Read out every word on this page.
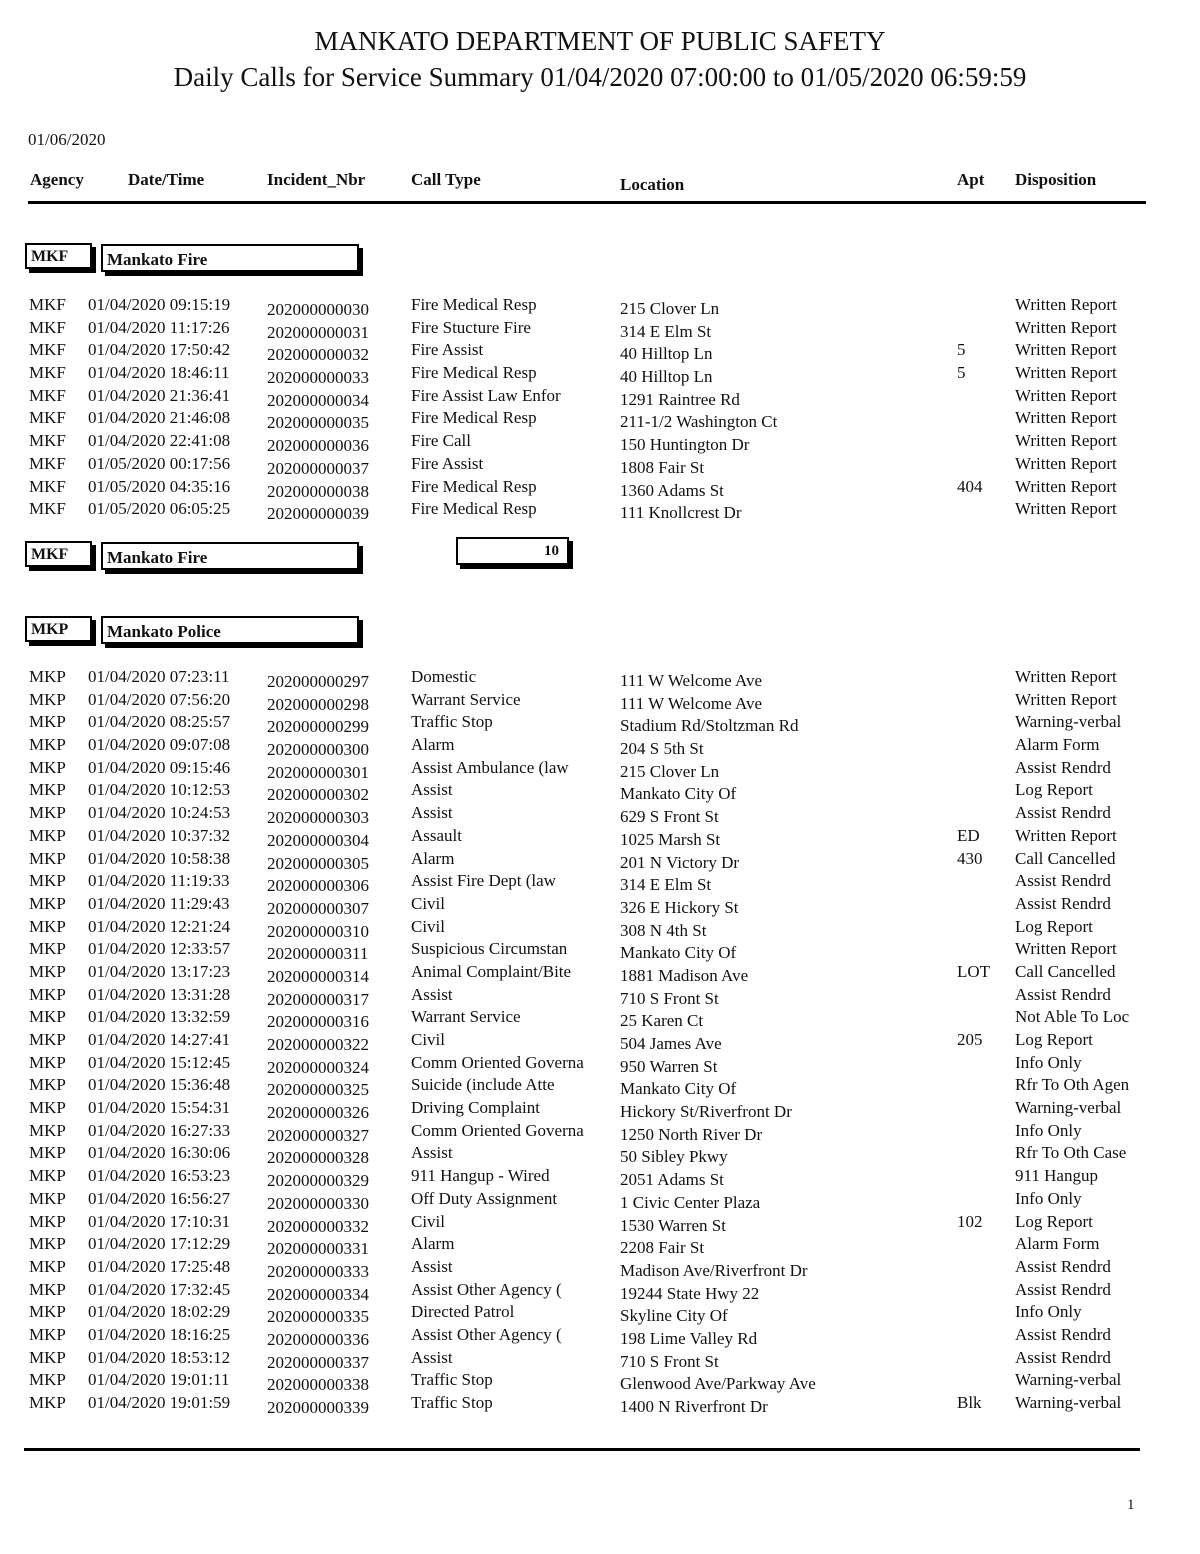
MANKATO DEPARTMENT OF PUBLIC SAFETY
Daily Calls for Service Summary 01/04/2020 07:00:00 to 01/05/2020 06:59:59
01/06/2020
Agency	Date/Time	Incident_Nbr	Call Type	Location	Apt Disposition
MKF	Mankato Fire
MKF 01/04/2020 09:15:19 202000000030 Fire Medical Resp	215 Clover Ln	Written Report
MKF 01/04/2020 11:17:26 202000000031 Fire Stucture Fire	314 E Elm St	Written Report
MKF 01/04/2020 17:50:42 202000000032 Fire Assist	40 Hilltop Ln	5	Written Report
MKF 01/04/2020 18:46:11 202000000033 Fire Medical Resp	40 Hilltop Ln	5	Written Report
MKF 01/04/2020 21:36:41 202000000034 Fire Assist Law Enfor	1291 Raintree Rd	Written Report
MKF 01/04/2020 21:46:08 202000000035 Fire Medical Resp	211-1/2 Washington Ct	Written Report
MKF 01/04/2020 22:41:08 202000000036 Fire Call	150 Huntington Dr	Written Report
MKF 01/05/2020 00:17:56 202000000037 Fire Assist	1808 Fair St	Written Report
MKF 01/05/2020 04:35:16 202000000038 Fire Medical Resp	1360 Adams St	404 Written Report
MKF 01/05/2020 06:05:25 202000000039 Fire Medical Resp	111 Knollcrest Dr	Written Report
MKF	Mankato Fire	10
MKP	Mankato Police
MKP 01/04/2020 07:23:11 202000000297 Domestic	111 W Welcome Ave	Written Report
MKP 01/04/2020 07:56:20 202000000298 Warrant Service	111 W Welcome Ave	Written Report
MKP 01/04/2020 08:25:57 202000000299 Traffic Stop	Stadium Rd/Stoltzman Rd	Warning-verbal
MKP 01/04/2020 09:07:08 202000000300 Alarm	204 S 5th St	Alarm Form
MKP 01/04/2020 09:15:46 202000000301 Assist Ambulance (law	215 Clover Ln	Assist Rendrd
MKP 01/04/2020 10:12:53 202000000302 Assist	Mankato City Of	Log Report
MKP 01/04/2020 10:24:53 202000000303 Assist	629 S Front St	Assist Rendrd
MKP 01/04/2020 10:37:32 202000000304 Assault	1025 Marsh St	ED Written Report
MKP 01/04/2020 10:58:38 202000000305 Alarm	201 N Victory Dr	430 Call Cancelled
MKP 01/04/2020 11:19:33 202000000306 Assist Fire Dept (law	314 E Elm St	Assist Rendrd
MKP 01/04/2020 11:29:43 202000000307 Civil	326 E Hickory St	Assist Rendrd
MKP 01/04/2020 12:21:24 202000000310 Civil	308 N 4th St	Log Report
MKP 01/04/2020 12:33:57 202000000311	Suspicious Circumstan	Mankato City Of	Written Report
MKP 01/04/2020 13:17:23 202000000314 Animal Complaint/Bite	1881 Madison Ave	LOT Call Cancelled
MKP 01/04/2020 13:31:28 202000000317 Assist	710 S Front St	Assist Rendrd
MKP 01/04/2020 13:32:59 202000000316 Warrant Service	25 Karen Ct	Not Able To Loc
MKP 01/04/2020 14:27:41 202000000322 Civil	504 James Ave	205 Log Report
MKP 01/04/2020 15:12:45 202000000324 Comm Oriented Governa 950 Warren St	Info Only
MKP 01/04/2020 15:36:48 202000000325 Suicide (include Atte	Mankato City Of	Rfr To Oth Agen
MKP 01/04/2020 15:54:31 202000000326 Driving Complaint	Hickory St/Riverfront Dr	Warning-verbal
MKP 01/04/2020 16:27:33 202000000327 Comm Oriented Governa 1250 North River Dr	Info Only
MKP 01/04/2020 16:30:06 202000000328 Assist	50 Sibley Pkwy	Rfr To Oth Case
MKP 01/04/2020 16:53:23 202000000329 911 Hangup - Wired	2051 Adams St	911 Hangup
MKP 01/04/2020 16:56:27 202000000330 Off Duty Assignment	1 Civic Center Plaza	Info Only
MKP 01/04/2020 17:10:31 202000000332 Civil	1530 Warren St	102 Log Report
MKP 01/04/2020 17:12:29 202000000331 Alarm	2208 Fair St	Alarm Form
MKP 01/04/2020 17:25:48 202000000333 Assist	Madison Ave/Riverfront Dr	Assist Rendrd
MKP 01/04/2020 17:32:45 202000000334 Assist Other Agency (	19244 State Hwy 22	Assist Rendrd
MKP 01/04/2020 18:02:29 202000000335 Directed Patrol	Skyline City Of	Info Only
MKP 01/04/2020 18:16:25 202000000336 Assist Other Agency (	198 Lime Valley Rd	Assist Rendrd
MKP 01/04/2020 18:53:12 202000000337 Assist	710 S Front St	Assist Rendrd
MKP 01/04/2020 19:01:11 202000000338 Traffic Stop	Glenwood Ave/Parkway Ave	Warning-verbal
MKP 01/04/2020 19:01:59 202000000339 Traffic Stop	1400 N Riverfront Dr	Blk Warning-verbal
1
